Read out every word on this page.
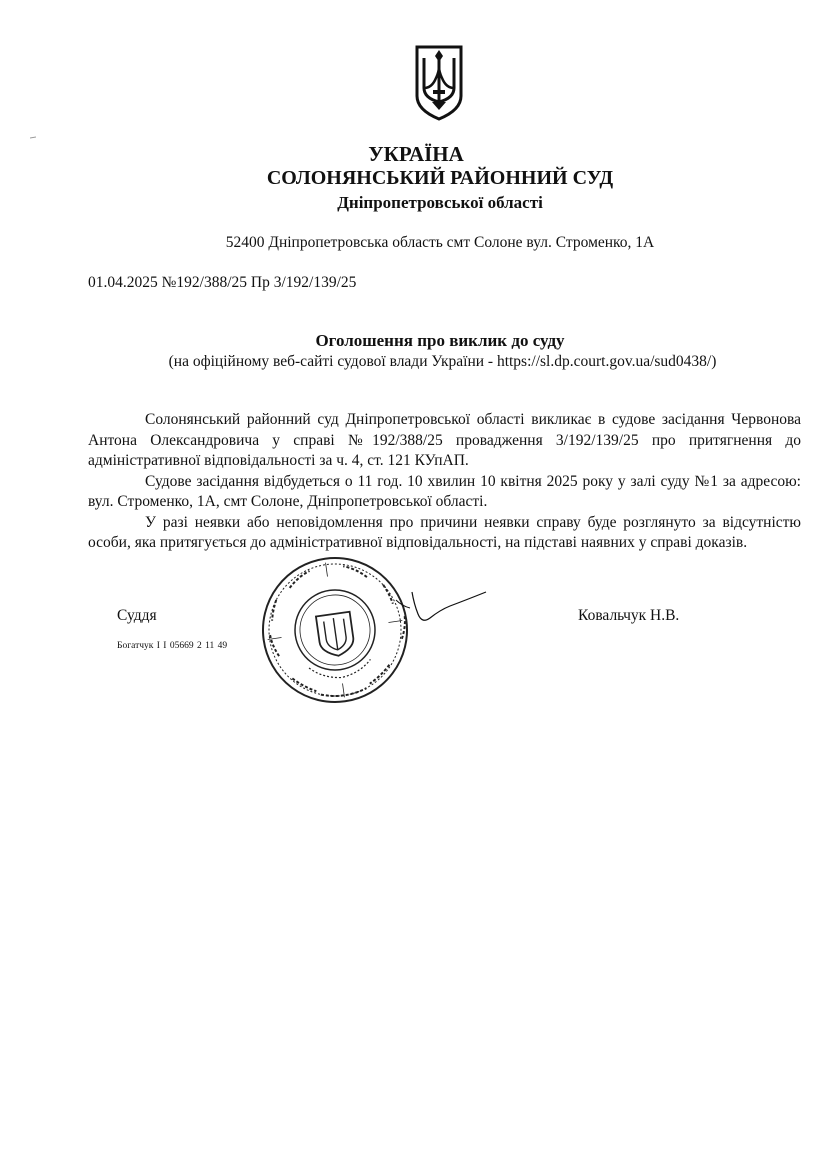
УКРАЇНА
СОЛОНЯНСЬКИЙ РАЙОННИЙ СУД
Дніпропетровської області
52400 Дніпропетровська область смт Солоне вул. Строменко, 1А
01.04.2025 №192/388/25 Пр 3/192/139/25
Оголошення про виклик до суду
(на офіційному веб-сайті судової влади України - https://sl.dp.court.gov.ua/sud0438/)

Солонянський районний суд Дніпропетровської області викликає в судове засідання Червонова Антона Олександровича у справі №192/388/25 провадження 3/192/139/25 про притягнення до адміністративної відповідальності за ч. 4, ст. 121 КУпАП.

Судове засідання відбудеться о 11 год. 10 хвилин 10 квітня 2025 року у залі суду №1 за адресою: вул. Строменко, 1А, смт Солоне, Дніпропетровської області.

У разі неявки або неповідомлення про причини неявки справу буде розглянуто за відсутністю особи, яка притягується до адміністративної відповідальності, на підставі наявних у справі доказів.

Суддя	Ковальчук Н.В.
Богатчук І І 05669 2 11 49
